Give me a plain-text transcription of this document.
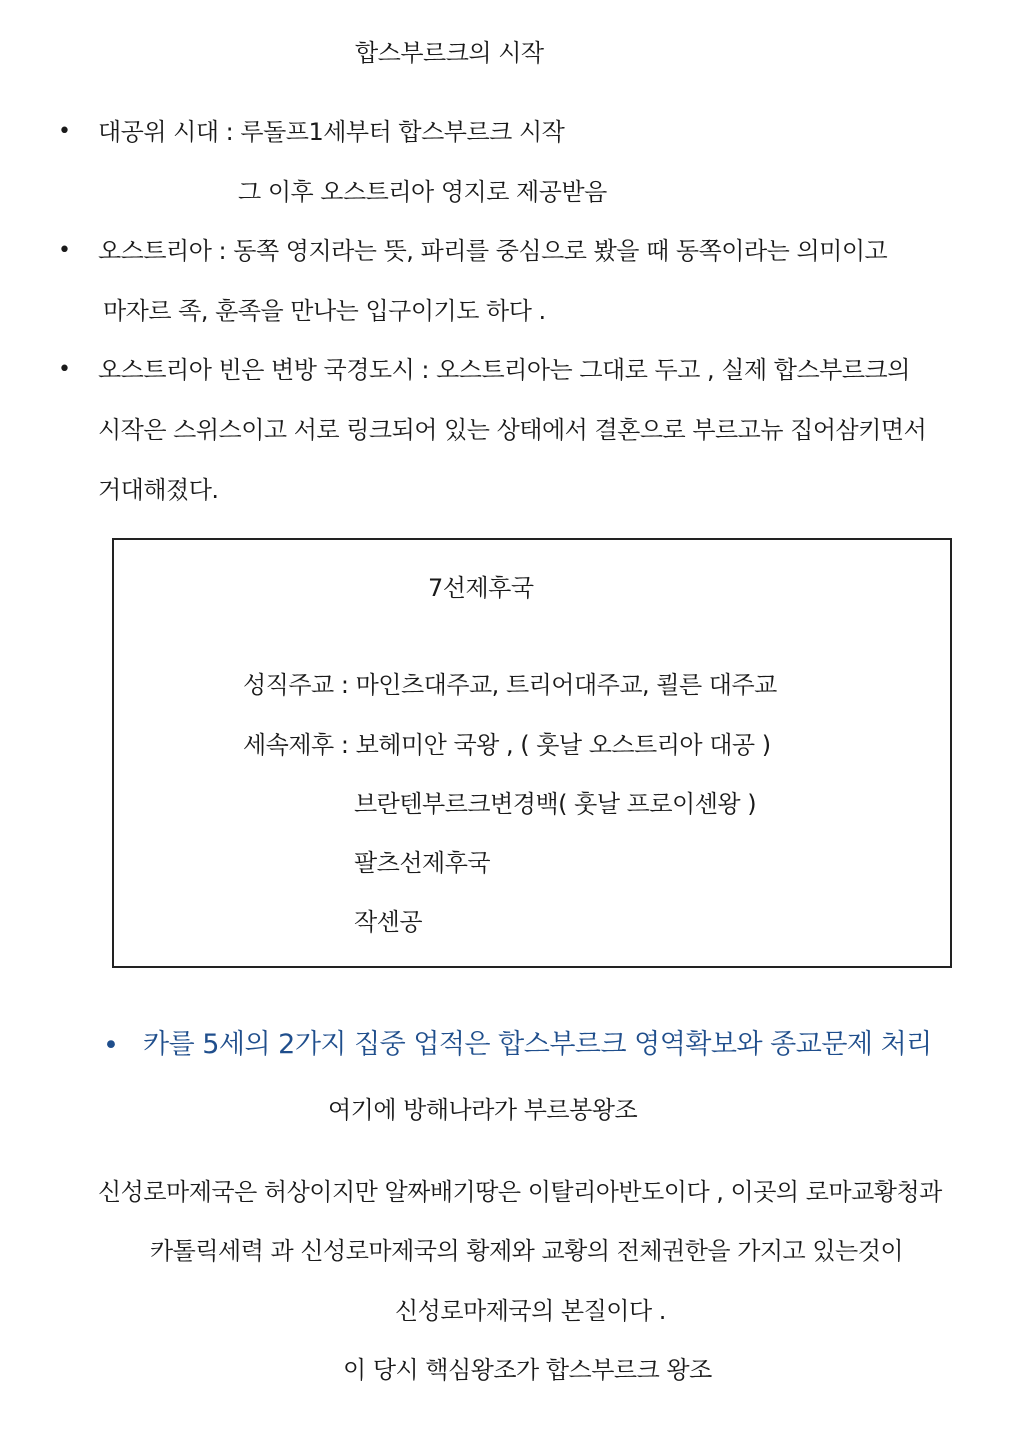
합스부르크의 시작
• 대공위 시대 : 루돌프1세부터 합스부르크 시작
그 이후 오스트리아 영지로 제공받음
• 오스트리아 : 동쪽 영지라는 뜻, 파리를 중심으로 봤을 때 동쪽이라는 의미이고
마자르 족, 훈족을 만나는 입구이기도 하다 .
• 오스트리아 빈은 변방 국경도시 : 오스트리아는 그대로 두고 , 실제 합스부르크의
시작은 스위스이고 서로 링크되어 있는 상태에서 결혼으로 부르고뉴 집어삼키면서
거대해졌다.
7선제후국
성직주교 : 마인츠대주교, 트리어대주교, 쾰른 대주교
세속제후 : 보헤미안 국왕 , ( 훗날 오스트리아 대공 )
브란텐부르크변경백( 훗날 프로이센왕 )
팔츠선제후국
작센공
• 카를 5세의 2가지 집중 업적은 합스부르크 영역확보와 종교문제 처리
여기에 방해나라가 부르봉왕조
신성로마제국은 허상이지만 알짜배기땅은 이탈리아반도이다 , 이곳의 로마교황청과
카톨릭세력 과 신성로마제국의 황제와 교황의 전체권한을 가지고 있는것이
신성로마제국의 본질이다 .
이 당시 핵심왕조가 합스부르크 왕조
